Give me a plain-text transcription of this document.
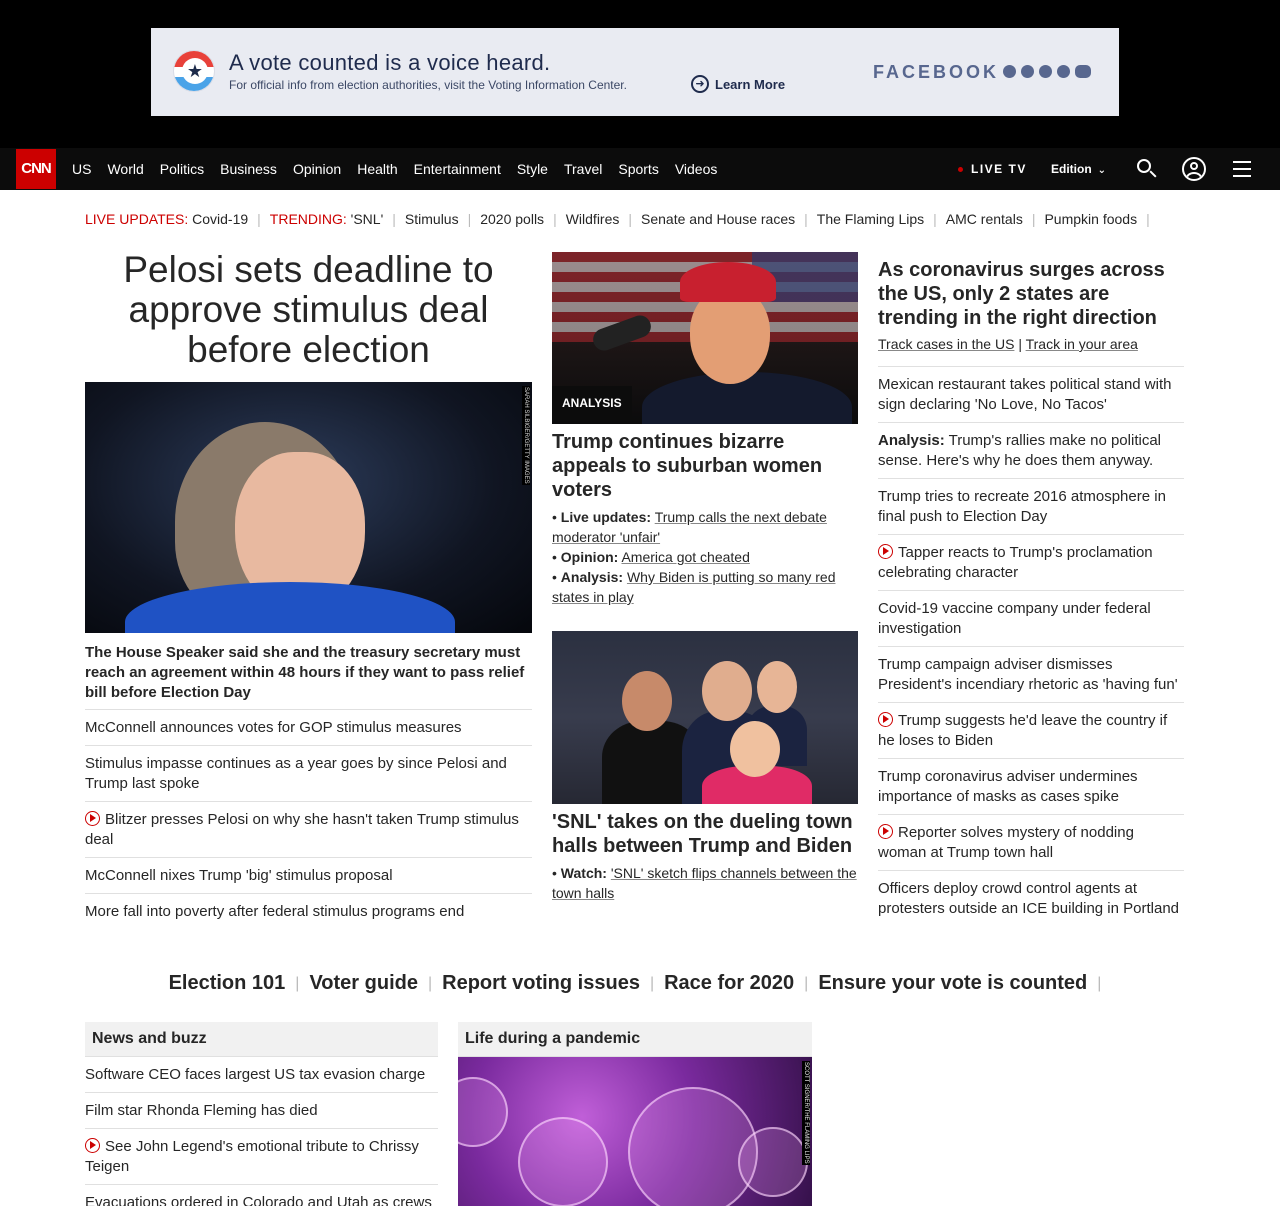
★ A vote counted is a voice heard.
For official info from election authorities, visit the Voting Information Center.	➜ Learn More
FACEBOOK
CNN	US World Politics Business Opinion Health Entertainment Style Travel Sports Videos	LIVE TV Edition ⌄
LIVE UPDATES:
Covid-19 | TRENDING:
'SNL' | Stimulus | 2020 polls | Wildfires | Senate and House races | The Flaming Lips | AMC rentals | Pumpkin foods |
Pelosi sets deadline to approve stimulus deal before election
SARAH SILBIGER/GETTY IMAGES
The House Speaker said she and the treasury secretary must reach an agreement within 48 hours if they want to pass relief bill before Election Day
McConnell announces votes for GOP stimulus measures
Stimulus impasse continues as a year goes by since Pelosi and Trump last spoke
Blitzer presses Pelosi on why she hasn't taken Trump stimulus deal
McConnell nixes Trump 'big' stimulus proposal
More fall into poverty after federal stimulus programs end
ANALYSIS
Trump continues bizarre appeals to suburban women voters
• Live updates: Trump calls the next debate moderator 'unfair'
• Opinion: America got cheated
• Analysis: Why Biden is putting so many red states in play
'SNL' takes on the dueling town halls between Trump and Biden
• Watch: 'SNL' sketch flips channels between the town halls
As coronavirus surges across the US, only 2 states are trending in the right direction
Track cases in the US | Track in your area
Mexican restaurant takes political stand with sign declaring 'No Love, No Tacos'
Analysis: Trump's rallies make no political sense. Here's why he does them anyway.
Trump tries to recreate 2016 atmosphere in final push to Election Day
Tapper reacts to Trump's proclamation celebrating character
Covid-19 vaccine company under federal investigation
Trump campaign adviser dismisses President's incendiary rhetoric as 'having fun'
Trump suggests he'd leave the country if he loses to Biden
Trump coronavirus adviser undermines importance of masks as cases spike
Reporter solves mystery of nodding woman at Trump town hall
Officers deploy crowd control agents at protesters outside an ICE building in Portland
Election 101 | Voter guide | Report voting issues | Race for 2020 | Ensure your vote is counted |
News and buzz
Software CEO faces largest US tax evasion charge
Film star Rhonda Fleming has died
See John Legend's emotional tribute to Chrissy Teigen
Evacuations ordered in Colorado and Utah as crews
Life during a pandemic
SCOTT SIGNER/THE FLAMING LIPS
